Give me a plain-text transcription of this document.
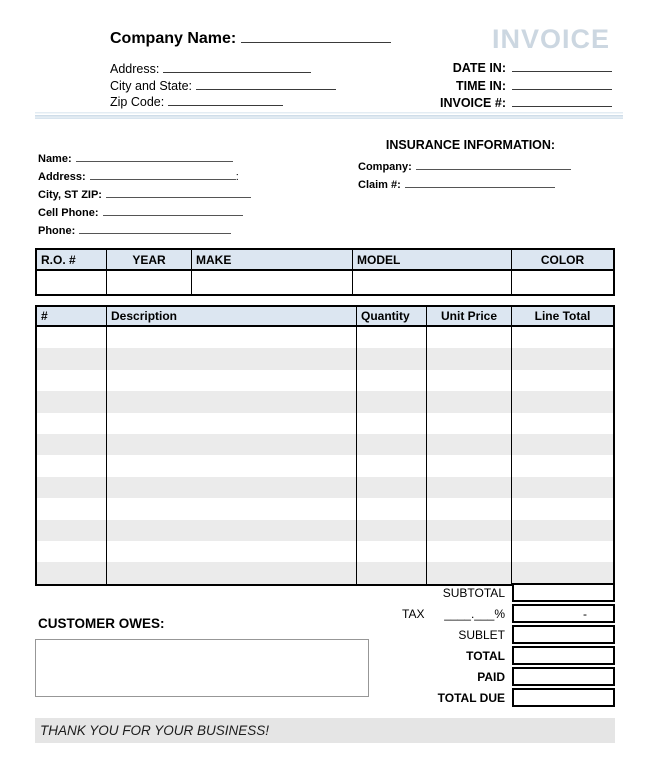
Company Name:	INVOICE
Address:
City and State:
Zip Code:
DATE IN:
TIME IN:
INVOICE #:
Name:
Address:	:
City, ST ZIP:
Cell Phone:
Phone:
INSURANCE INFORMATION:
Company:
Claim #:
R.O. #	YEAR	MAKE	MODEL	COLOR
#	Description	Quantity	Unit Price	Line Total
SUBTOTAL
TAX ____.___%	-
SUBLET
TOTAL
PAID
TOTAL DUE
CUSTOMER OWES:
THANK YOU FOR YOUR BUSINESS!
